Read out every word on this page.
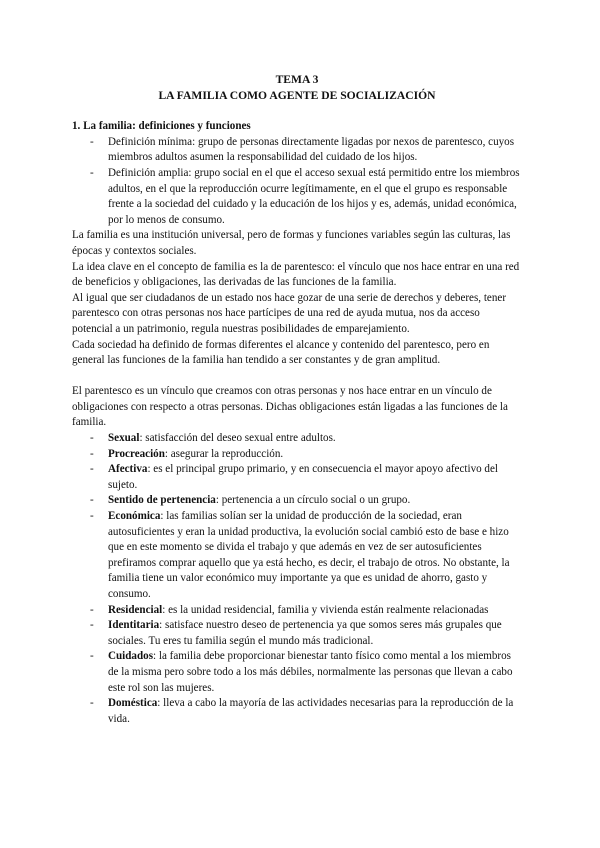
TEMA 3
LA FAMILIA COMO AGENTE DE SOCIALIZACIÓN

1. La familia: definiciones y funciones

- Definición mínima: grupo de personas directamente ligadas por nexos de parentesco, cuyos miembros adultos asumen la responsabilidad del cuidado de los hijos.
- Definición amplia: grupo social en el que el acceso sexual está permitido entre los miembros adultos, en el que la reproducción ocurre legítimamente, en el que el grupo es responsable frente a la sociedad del cuidado y la educación de los hijos y es, además, unidad económica, por lo menos de consumo.

La familia es una institución universal, pero de formas y funciones variables según las culturas, las épocas y contextos sociales.

La idea clave en el concepto de familia es la de parentesco: el vínculo que nos hace entrar en una red de beneficios y obligaciones, las derivadas de las funciones de la familia.

Al igual que ser ciudadanos de un estado nos hace gozar de una serie de derechos y deberes, tener parentesco con otras personas nos hace partícipes de una red de ayuda mutua, nos da acceso potencial a un patrimonio, regula nuestras posibilidades de emparejamiento.

Cada sociedad ha definido de formas diferentes el alcance y contenido del parentesco, pero en general las funciones de la familia han tendido a ser constantes y de gran amplitud.

El parentesco es un vínculo que creamos con otras personas y nos hace entrar en un vínculo de obligaciones con respecto a otras personas. Dichas obligaciones están ligadas a las funciones de la familia.

- Sexual: satisfacción del deseo sexual entre adultos.
- Procreación: asegurar la reproducción.
- Afectiva: es el principal grupo primario, y en consecuencia el mayor apoyo afectivo del sujeto.
- Sentido de pertenencia: pertenencia a un círculo social o un grupo.
- Económica: las familias solían ser la unidad de producción de la sociedad, eran autosuficientes y eran la unidad productiva, la evolución social cambió esto de base e hizo que en este momento se divida el trabajo y que además en vez de ser autosuficientes prefiramos comprar aquello que ya está hecho, es decir, el trabajo de otros. No obstante, la familia tiene un valor económico muy importante ya que es unidad de ahorro, gasto y consumo.
- Residencial: es la unidad residencial, familia y vivienda están realmente relacionadas
- Identitaria: satisface nuestro deseo de pertenencia ya que somos seres más grupales que sociales. Tu eres tu familia según el mundo más tradicional.
- Cuidados: la familia debe proporcionar bienestar tanto físico como mental a los miembros de la misma pero sobre todo a los más débiles, normalmente las personas que llevan a cabo este rol son las mujeres.
- Doméstica: lleva a cabo la mayoría de las actividades necesarias para la reproducción de la vida.
